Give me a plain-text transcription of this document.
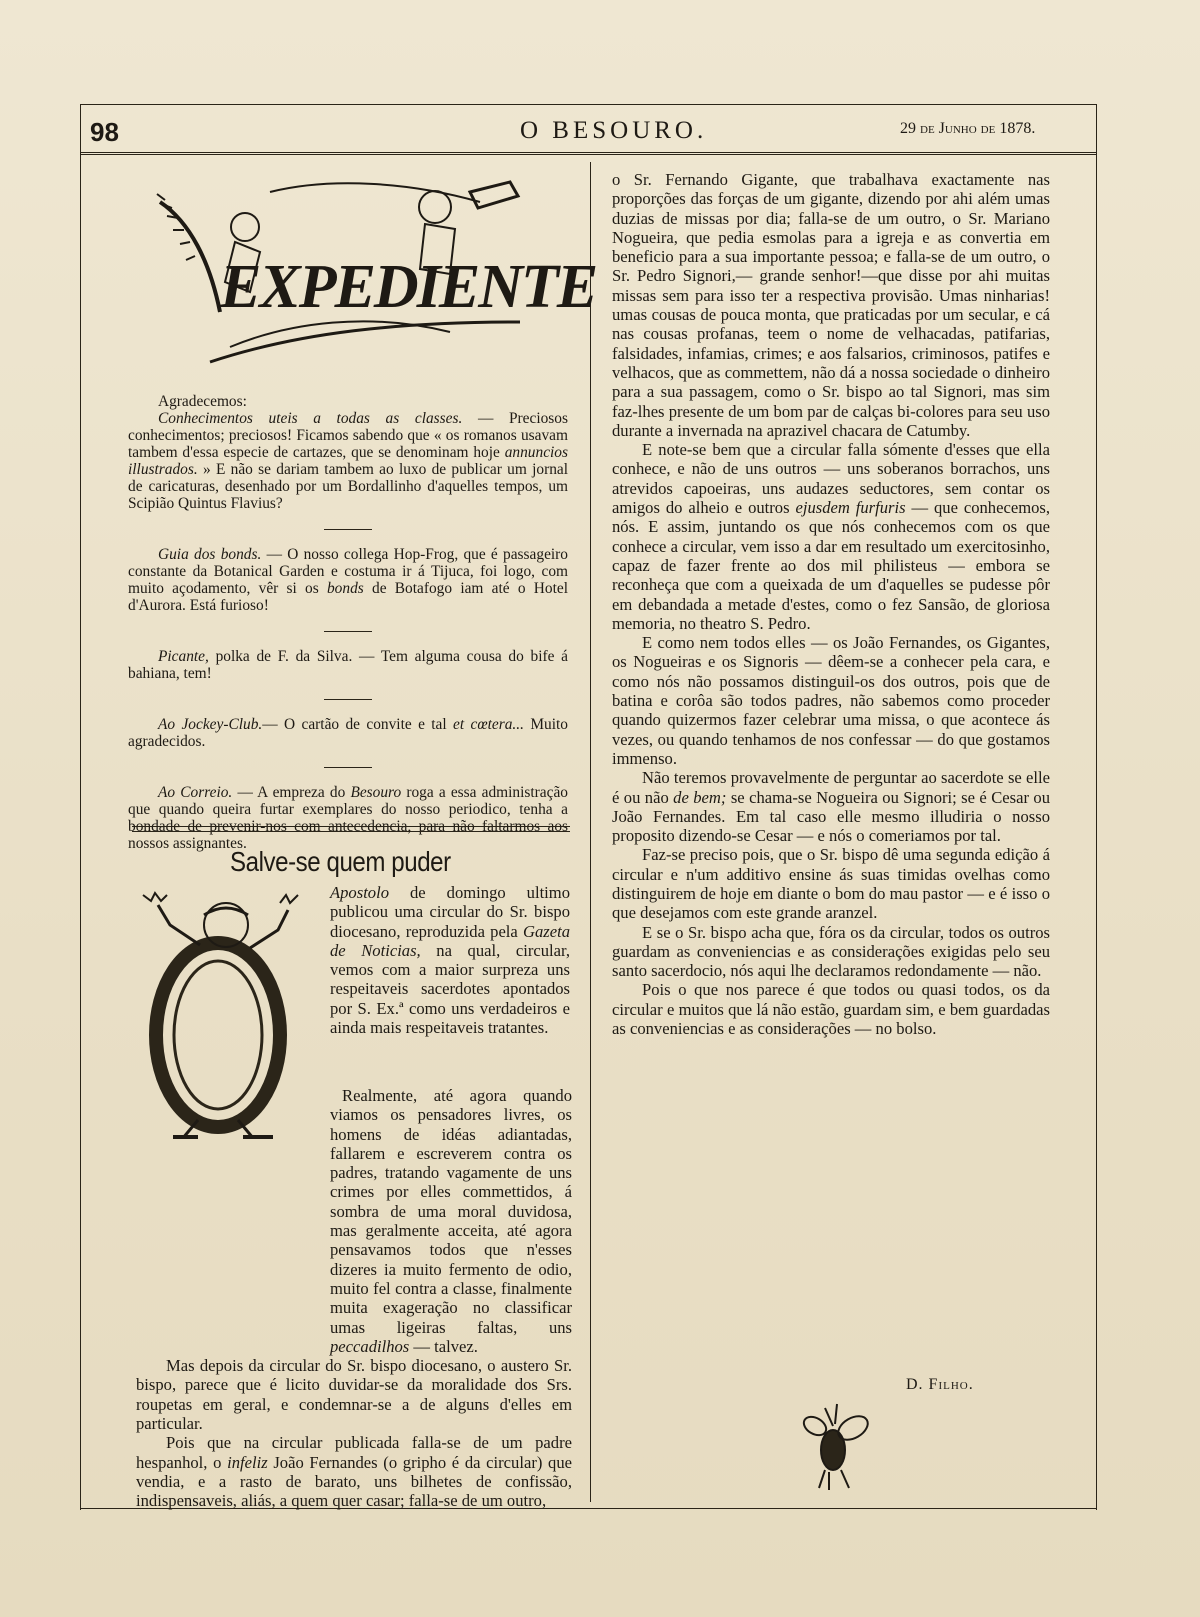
98	O BESOURO.	29 de Junho de 1878.
EXPEDIENTE
Agradecemos:

Conhecimentos uteis a todas as classes. — Preciosos conhecimentos; preciosos! Ficamos sabendo que « os romanos usavam tambem d'essa especie de cartazes, que se denominam hoje annuncios illustrados. » E não se dariam tambem ao luxo de publicar um jornal de caricaturas, desenhado por um Bordallinho d'aquelles tempos, um Scipião Quintus Flavius?

Guia dos bonds. — O nosso collega Hop-Frog, que é passageiro constante da Botanical Garden e costuma ir á Tijuca, foi logo, com muito açodamento, vêr si os bonds de Botafogo iam até o Hotel d'Aurora. Está furioso!

Picante, polka de F. da Silva. — Tem alguma cousa do bife á bahiana, tem!

Ao Jockey-Club.— O cartão de convite e tal et cœtera... Muito agradecidos.

Ao Correio. — A empreza do Besouro roga a essa administração que quando queira furtar exemplares do nosso periodico, tenha a bondade de prevenir-nos com antecedencia, para não faltarmos aos nossos assignantes.

Salve-se quem puder

Apostolo de domingo ultimo publicou uma circular do Sr. bispo diocesano, reproduzida pela Gazeta de Noticias, na qual, circular, vemos com a maior surpreza uns respeitaveis sacerdotes apontados por S. Ex.ª como uns verdadeiros e ainda mais respeitaveis tratantes.

Realmente, até agora quando viamos os pensadores livres, os homens de idéas adiantadas, fallarem e escreverem contra os padres, tratando vagamente de uns crimes por elles commettidos, á sombra de uma moral duvidosa, mas geralmente acceita, até agora pensavamos todos que n'esses dizeres ia muito fermento de odio, muito fel contra a classe, finalmente muita exageração no classificar umas ligeiras faltas, uns peccadilhos — talvez.

Mas depois da circular do Sr. bispo diocesano, o austero Sr. bispo, parece que é licito duvidar-se da moralidade dos Srs. roupetas em geral, e condemnar-se a de alguns d'elles em particular.

Pois que na circular publicada falla-se de um padre hespanhol, o infeliz João Fernandes (o gripho é da circular) que vendia, e a rasto de barato, uns bilhetes de confissão, indispensaveis, aliás, a quem quer casar; falla-se de um outro,

o Sr. Fernando Gigante, que trabalhava exactamente nas proporções das forças de um gigante, dizendo por ahi além umas duzias de missas por dia; falla-se de um outro, o Sr. Mariano Nogueira, que pedia esmolas para a igreja e as convertia em beneficio para a sua importante pessoa; e falla-se de um outro, o Sr. Pedro Signori,— grande senhor!—que disse por ahi muitas missas sem para isso ter a respectiva provisão. Umas ninharias! umas cousas de pouca monta, que praticadas por um secular, e cá nas cousas profanas, teem o nome de velhacadas, patifarias, falsidades, infamias, crimes; e aos falsarios, criminosos, patifes e velhacos, que as commettem, não dá a nossa sociedade o dinheiro para a sua passagem, como o Sr. bispo ao tal Signori, mas sim faz-lhes presente de um bom par de calças bi-colores para seu uso durante a invernada na aprazivel chacara de Catumby.

E note-se bem que a circular falla sómente d'esses que ella conhece, e não de uns outros — uns soberanos borrachos, uns atrevidos capoeiras, uns audazes seductores, sem contar os amigos do alheio e outros ejusdem furfuris — que conhecemos, nós. E assim, juntando os que nós conhecemos com os que conhece a circular, vem isso a dar em resultado um exercitosinho, capaz de fazer frente ao dos mil philisteus — embora se reconheça que com a queixada de um d'aquelles se pudesse pôr em debandada a metade d'estes, como o fez Sansão, de gloriosa memoria, no theatro S. Pedro.

E como nem todos elles — os João Fernandes, os Gigantes, os Nogueiras e os Signoris — dêem-se a conhecer pela cara, e como nós não possamos distinguil-os dos outros, pois que de batina e corôa são todos padres, não sabemos como proceder quando quizermos fazer celebrar uma missa, o que acontece ás vezes, ou quando tenhamos de nos confessar — do que gostamos immenso.

Não teremos provavelmente de perguntar ao sacerdote se elle é ou não de bem; se chama-se Nogueira ou Signori; se é Cesar ou João Fernandes. Em tal caso elle mesmo illudiria o nosso proposito dizendo-se Cesar — e nós o comeriamos por tal.

Faz-se preciso pois, que o Sr. bispo dê uma segunda edição á circular e n'um additivo ensine ás suas timidas ovelhas como distinguirem de hoje em diante o bom do mau pastor — e é isso o que desejamos com este grande aranzel.

E se o Sr. bispo acha que, fóra os da circular, todos os outros guardam as conveniencias e as considerações exigidas pelo seu santo sacerdocio, nós aqui lhe declaramos redondamente — não.

Pois o que nos parece é que todos ou quasi todos, os da circular e muitos que lá não estão, guardam sim, e bem guardadas as conveniencias e as considerações — no bolso.

D. Filho.
